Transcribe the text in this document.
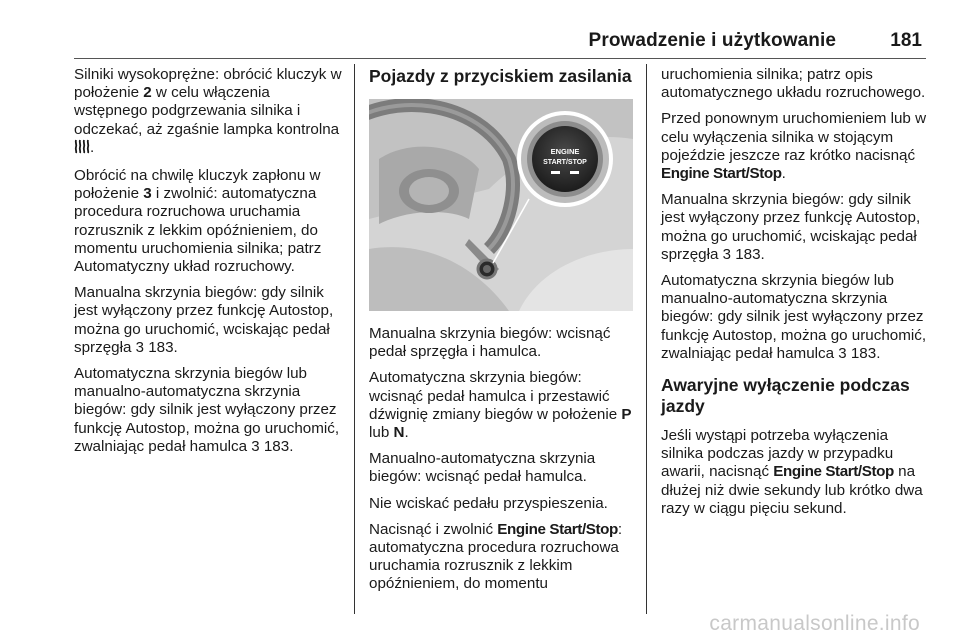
Prowadzenie i użytkowanie	181

Silniki wysokoprężne: obrócić kluczyk w położenie 2 w celu włączenia wstępnego podgrzewania silnika i odczekać, aż zgaśnie lampka kontrolna .

Obrócić na chwilę kluczyk zapłonu w położenie 3 i zwolnić: automatyczna procedura rozruchowa uruchamia rozrusznik z lekkim opóźnieniem, do momentu uruchomienia silnika; patrz Automatyczny układ rozruchowy.

Manualna skrzynia biegów: gdy silnik jest wyłączony przez funkcję Autostop, można go uruchomić, wciskając pedał sprzęgła 3 183.

Automatyczna skrzynia biegów lub manualno-automatyczna skrzynia biegów: gdy silnik jest wyłączony przez funkcję Autostop, można go uruchomić, zwalniając pedał hamulca 3 183.

Pojazdy z przyciskiem zasilania
ENGINE
START/STOP

Manualna skrzynia biegów: wcisnąć pedał sprzęgła i hamulca.

Automatyczna skrzynia biegów: wcisnąć pedał hamulca i przestawić dźwignię zmiany biegów w położenie P lub N.

Manualno-automatyczna skrzynia biegów: wcisnąć pedał hamulca.

Nie wciskać pedału przyspieszenia.

Nacisnąć i zwolnić Engine Start/Stop: automatyczna procedura rozruchowa uruchamia rozrusznik z lekkim opóźnieniem, do momentu

uruchomienia silnika; patrz opis automatycznego układu rozruchowego.

Przed ponownym uruchomieniem lub w celu wyłączenia silnika w stojącym pojeździe jeszcze raz krótko nacisnąć Engine Start/Stop.

Manualna skrzynia biegów: gdy silnik jest wyłączony przez funkcję Autostop, można go uruchomić, wciskając pedał sprzęgła 3 183.

Automatyczna skrzynia biegów lub manualno-automatyczna skrzynia biegów: gdy silnik jest wyłączony przez funkcję Autostop, można go uruchomić, zwalniając pedał hamulca 3 183.

Awaryjne wyłączenie podczas jazdy

Jeśli wystąpi potrzeba wyłączenia silnika podczas jazdy w przypadku awarii, nacisnąć Engine Start/Stop na dłużej niż dwie sekundy lub krótko dwa razy w ciągu pięciu sekund.

carmanualsonline.info
